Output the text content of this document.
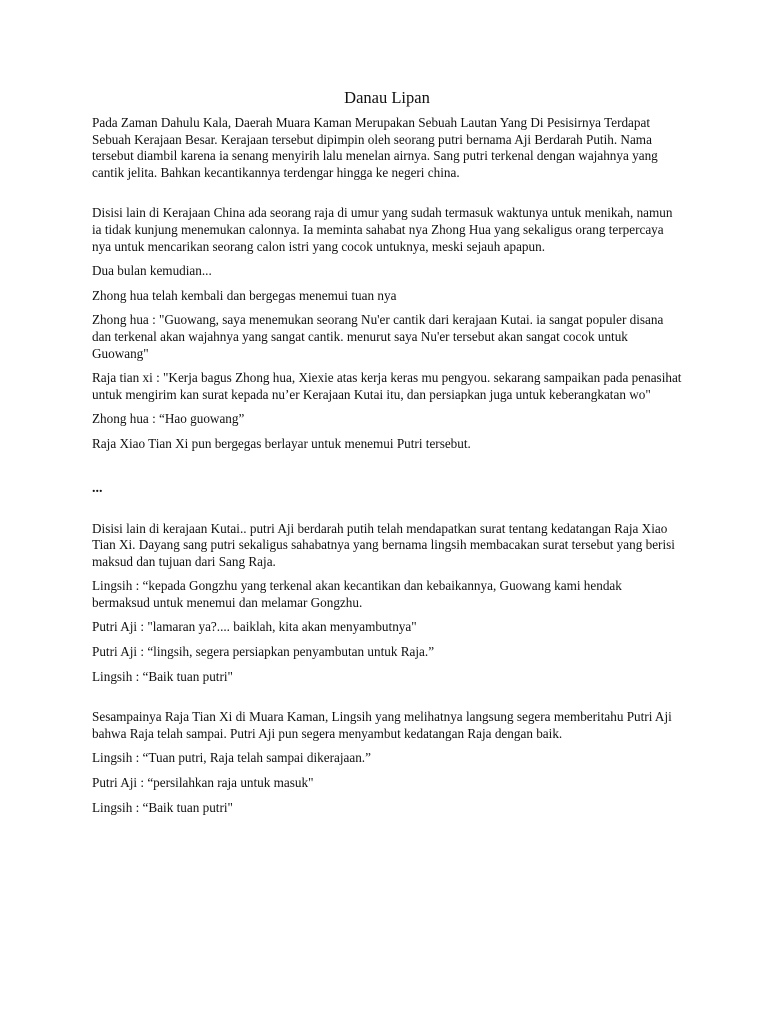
Danau Lipan

Pada Zaman Dahulu Kala, Daerah Muara Kaman Merupakan Sebuah Lautan Yang Di Pesisirnya Terdapat Sebuah Kerajaan Besar. Kerajaan tersebut dipimpin oleh seorang putri bernama Aji Berdarah Putih. Nama tersebut diambil karena ia senang menyirih lalu menelan airnya. Sang putri terkenal dengan wajahnya yang cantik jelita. Bahkan kecantikannya terdengar hingga ke negeri china.

Disisi lain di Kerajaan China ada seorang raja di umur yang sudah termasuk waktunya untuk menikah, namun ia tidak kunjung menemukan calonnya. Ia meminta sahabat nya Zhong Hua yang sekaligus orang terpercaya nya untuk mencarikan seorang calon istri yang cocok untuknya, meski sejauh apapun.

Dua bulan kemudian...

Zhong hua telah kembali dan bergegas menemui tuan nya

Zhong hua : "Guowang, saya menemukan seorang Nu'er cantik dari kerajaan Kutai. ia sangat populer disana dan terkenal akan wajahnya yang sangat cantik. menurut saya Nu'er tersebut akan sangat cocok untuk Guowang"

Raja tian xi : "Kerja bagus Zhong hua, Xiexie atas kerja keras mu pengyou. sekarang sampaikan pada penasihat untuk mengirim kan surat kepada nu’er Kerajaan Kutai itu, dan persiapkan juga untuk keberangkatan wo"

Zhong hua : “Hao guowang”

Raja Xiao Tian Xi pun bergegas berlayar untuk menemui Putri tersebut.

...

Disisi lain di kerajaan Kutai.. putri Aji berdarah putih telah mendapatkan surat tentang kedatangan Raja Xiao Tian Xi. Dayang sang putri sekaligus sahabatnya yang bernama lingsih membacakan surat tersebut yang berisi maksud dan tujuan dari Sang Raja.

Lingsih : “kepada Gongzhu yang terkenal akan kecantikan dan kebaikannya, Guowang kami hendak bermaksud untuk menemui dan melamar Gongzhu.

Putri Aji : "lamaran ya?.... baiklah, kita akan menyambutnya"

Putri Aji : “lingsih, segera persiapkan penyambutan untuk Raja.”

Lingsih : “Baik tuan putri"

Sesampainya Raja Tian Xi di Muara Kaman, Lingsih yang melihatnya langsung segera memberitahu Putri Aji bahwa Raja telah sampai. Putri Aji pun segera menyambut kedatangan Raja dengan baik.

Lingsih : “Tuan putri, Raja telah sampai dikerajaan.”

Putri Aji : “persilahkan raja untuk masuk"

Lingsih : “Baik tuan putri"
